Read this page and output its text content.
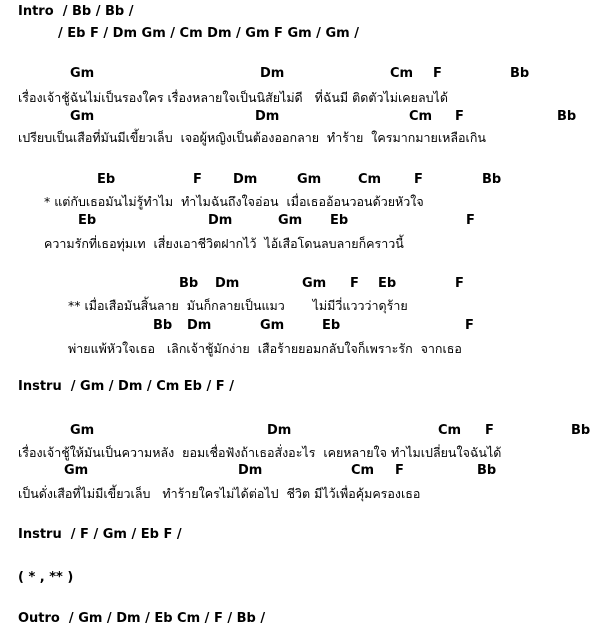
Intro  / Bb / Bb /
/ Eb F / Dm Gm / Cm Dm / Gm F Gm / Gm /
Gm	Dm	Cm F	Bb
เรื่องเจ้าชู้ฉันไม่เป็นรองใคร เรื่องหลายใจเป็นนิสัยไม่ดี   ที่ฉันมี ติดตัวไม่เคยลบได้
Gm	Dm	Cm F	Bb
เปรียบเป็นเสือที่มันมีเขี้ยวเล็บ  เจอผู้หญิงเป็นต้องออกลาย  ทำร้าย  ใครมากมายเหลือเกิน
Eb	F Dm	Gm	Cm	F	Bb
* แต่กับเธอมันไม่รู้ทำไม  ทำไมฉันถึงใจอ่อน  เมื่อเธออ้อนวอนด้วยหัวใจ
Eb	Dm	Gm Eb	F
ความรักที่เธอทุ่มเท  เสี่ยงเอาชีวิตฝากไว้  ไอ้เสือโดนลบลายก็คราวนี้
Bb Dm	Gm F Eb	F
** เมื่อเสือมันสิ้นลาย  มันก็กลายเป็นแมว       ไม่มีวี่แววว่าดุร้าย
Bb Dm	Gm	Eb	F
พ่ายแพ้หัวใจเธอ   เลิกเจ้าชู้มักง่าย  เสือร้ายยอมกลับใจก็เพราะรัก  จากเธอ
Instru  / Gm / Dm / Cm Eb / F /
Gm	Dm	Cm F	Bb
เรื่องเจ้าชู้ให้มันเป็นความหลัง  ยอมเชื่อฟังถ้าเธอสั่งอะไร  เคยหลายใจ ทำไมเปลี่ยนใจฉันได้
Gm	Dm	Cm F	Bb
เป็นดั่งเสือที่ไม่มีเขี้ยวเล็บ   ทำร้ายใครไม่ได้ต่อไป  ชีวิต มีไว้เพื่อคุ้มครองเธอ
Instru  / F / Gm / Eb F /
( * , ** )
Outro  / Gm / Dm / Eb Cm / F / Bb /
